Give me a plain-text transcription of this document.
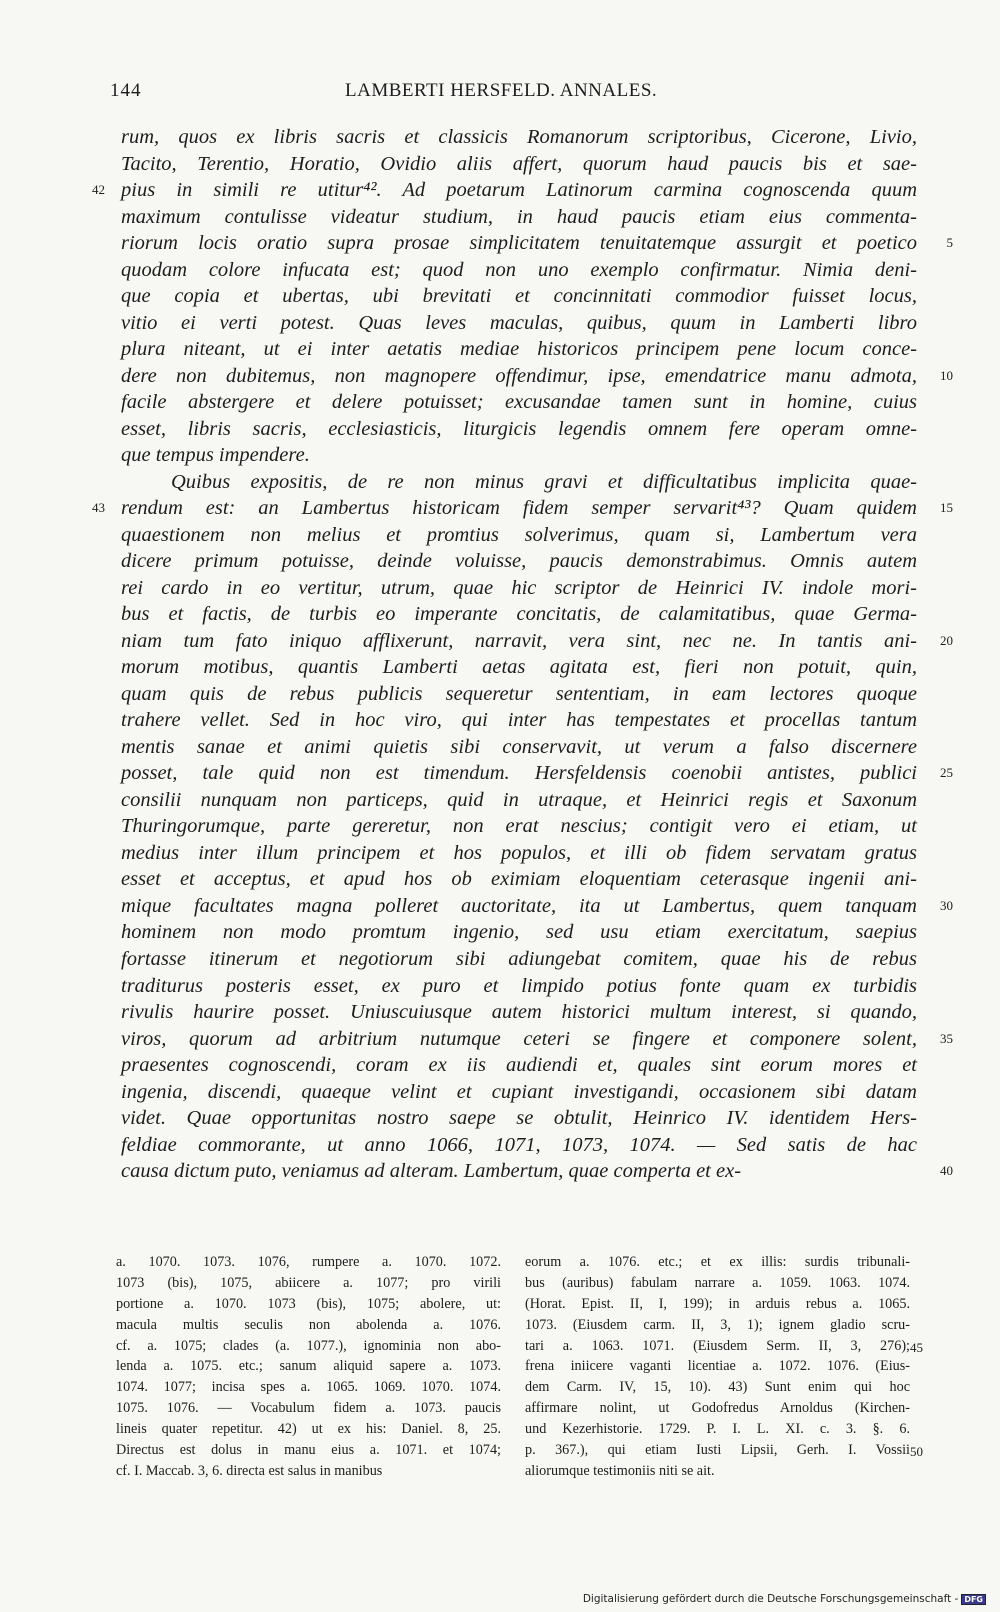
144	LAMBERTI HERSFELD. ANNALES.
rum, quos ex libris sacris et classicis Romanorum scriptoribus, Cicerone, Livio,
Tacito, Terentio, Horatio, Ovidio aliis affert, quorum haud paucis bis et sae-
pius in simili re utitur⁴². Ad poetarum Latinorum carmina cognoscenda quum
42
maximum contulisse videatur studium, in haud paucis etiam eius commenta-
riorum locis oratio supra prosae simplicitatem tenuitatemque assurgit et poetico 5
quodam colore infucata est; quod non uno exemplo confirmatur. Nimia deni-
que copia et ubertas, ubi brevitati et concinnitati commodior fuisset locus,
vitio ei verti potest. Quas leves maculas, quibus, quum in Lamberti libro
plura niteant, ut ei inter aetatis mediae historicos principem pene locum conce-
dere non dubitemus, non magnopere offendimur, ipse, emendatrice manu admota, 10
facile abstergere et delere potuisset; excusandae tamen sunt in homine, cuius
esset, libris sacris, ecclesiasticis, liturgicis legendis omnem fere operam omne-
que tempus impendere.
Quibus expositis, de re non minus gravi et difficultatibus implicita quae-
rendum est: an Lambertus historicam fidem semper servarit⁴³? Quam quidem 15
43
quaestionem non melius et promtius solverimus, quam si, Lambertum vera
dicere primum potuisse, deinde voluisse, paucis demonstrabimus. Omnis autem
rei cardo in eo vertitur, utrum, quae hic scriptor de Heinrici IV. indole mori-
bus et factis, de turbis eo imperante concitatis, de calamitatibus, quae Germa-
niam tum fato iniquo afflixerunt, narravit, vera sint, nec ne. In tantis ani- 20
morum motibus, quantis Lamberti aetas agitata est, fieri non potuit, quin,
quam quis de rebus publicis sequeretur sententiam, in eam lectores quoque
trahere vellet. Sed in hoc viro, qui inter has tempestates et procellas tantum
mentis sanae et animi quietis sibi conservavit, ut verum a falso discernere
posset, tale quid non est timendum. Hersfeldensis coenobii antistes, publici 25
consilii nunquam non particeps, quid in utraque, et Heinrici regis et Saxonum
Thuringorumque, parte gereretur, non erat nescius; contigit vero ei etiam, ut
medius inter illum principem et hos populos, et illi ob fidem servatam gratus
esset et acceptus, et apud hos ob eximiam eloquentiam ceterasque ingenii ani-
mique facultates magna polleret auctoritate, ita ut Lambertus, quem tanquam 30
hominem non modo promtum ingenio, sed usu etiam exercitatum, saepius
fortasse itinerum et negotiorum sibi adiungebat comitem, quae his de rebus
traditurus posteris esset, ex puro et limpido potius fonte quam ex turbidis
rivulis haurire posset. Uniuscuiusque autem historici multum interest, si quando,
viros, quorum ad arbitrium nutumque ceteri se fingere et componere solent, 35
praesentes cognoscendi, coram ex iis audiendi et, quales sint eorum mores et
ingenia, discendi, quaeque velint et cupiant investigandi, occasionem sibi datam
videt. Quae opportunitas nostro saepe se obtulit, Heinrico IV. identidem Hers-
feldiae commorante, ut anno 1066, 1071, 1073, 1074. — Sed satis de hac
causa dictum puto, veniamus ad alteram. Lambertum, quae comperta et ex-	40
a. 1070. 1073. 1076, rumpere a. 1070. 1072.
1073 (bis), 1075, abiicere a. 1077; pro virili
portione a. 1070. 1073 (bis), 1075; abolere, ut:
macula multis seculis non abolenda a. 1076.
cf. a. 1075; clades (a. 1077.), ignominia non abo-
lenda a. 1075. etc.; sanum aliquid sapere a. 1073.
1074. 1077; incisa spes a. 1065. 1069. 1070. 1074.
1075. 1076. — Vocabulum fidem a. 1073. paucis
lineis quater repetitur. 42) ut ex his: Daniel. 8, 25.
Directus est dolus in manu eius a. 1071. et 1074;
cf. I. Maccab. 3, 6. directa est salus in manibus
eorum a. 1076. etc.; et ex illis: surdis tribunali-
bus (auribus) fabulam narrare a. 1059. 1063. 1074.
(Horat. Epist. II, I, 199); in arduis rebus a. 1065.
1073. (Eiusdem carm. II, 3, 1); ignem gladio scru-
tari a. 1063. 1071. (Eiusdem Serm. II, 3, 276);
frena iniicere vaganti licentiae a. 1072. 1076. (Eius-
dem Carm. IV, 15, 10). 43) Sunt enim qui hoc
affirmare nolint, ut Godofredus Arnoldus (Kirchen-
und Kezerhistorie. 1729. P. I. L. XI. c. 3. §. 6.
p. 367.), qui etiam Iusti Lipsii, Gerh. I. Vossii
aliorumque testimoniis niti se ait.
45
50
Digitalisierung gefördert durch die Deutsche Forschungsgemeinschaft - DFG
